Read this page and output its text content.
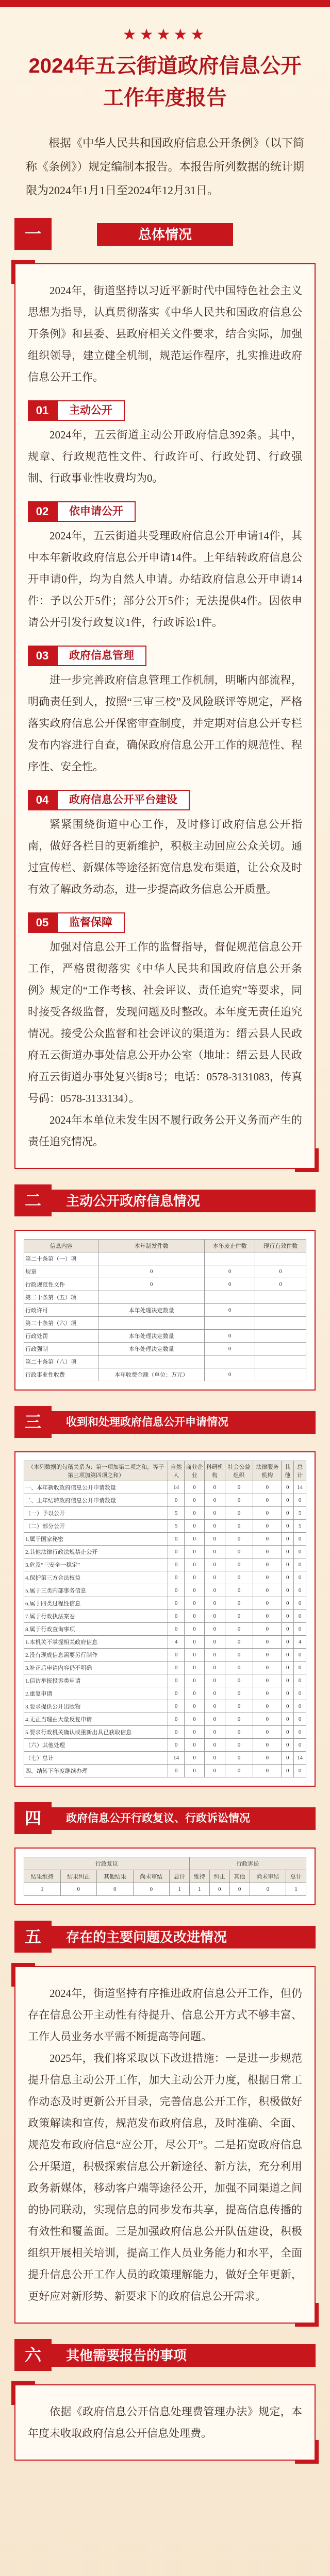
★★★★★
2024年五云街道政府信息公开工作年度报告

根据《中华人民共和国政府信息公开条例》（以下简称《条例》）规定编制本报告。本报告所列数据的统计期限为2024年1月1日至2024年12月31日。

一	总体情况

2024年，街道坚持以习近平新时代中国特色社会主义思想为指导，认真贯彻落实《中华人民共和国政府信息公开条例》和县委、县政府相关文件要求，结合实际，加强组织领导，建立健全机制，规范运作程序，扎实推进政府信息公开工作。

01	主动公开

2024年，五云街道主动公开政府信息392条。其中，规章、行政规范性文件、行政许可、行政处罚、行政强制、行政事业性收费均为0。

02	依申请公开

2024年，五云街道共受理政府信息公开申请14件，其中本年新收政府信息公开申请14件。上年结转政府信息公开申请0件，均为自然人申请。办结政府信息公开申请14件：予以公开5件；部分公开5件；无法提供4件。因依申请公开引发行政复议1件，行政诉讼1件。

03	政府信息管理

进一步完善政府信息管理工作机制，明晰内部流程，明确责任到人，按照“三审三校”及风险联评等规定，严格落实政府信息公开保密审查制度，并定期对信息公开专栏发布内容进行自查，确保政府信息公开工作的规范性、程序性、安全性。

04	政府信息公开平台建设

紧紧围绕街道中心工作，及时修订政府信息公开指南，做好各栏目的更新维护，积极主动回应公众关切。通过宣传栏、新媒体等途径拓宽信息发布渠道，让公众及时有效了解政务动态，进一步提高政务信息公开质量。

05	监督保障

加强对信息公开工作的监督指导，督促规范信息公开工作，严格贯彻落实《中华人民共和国政府信息公开条例》规定的“工作考核、社会评议、责任追究”等要求，同时接受各级监督，发现问题及时整改。本年度无责任追究情况。接受公众监督和社会评议的渠道为：缙云县人民政府五云街道办事处信息公开办公室（地址：缙云县人民政府五云街道办事处复兴街8号；电话：0578-3131083，传真号码：0578-3133134）。

2024年本单位未发生因不履行政务公开义务而产生的责任追究情况。

二	主动公开政府信息情况
信息内容	本年制发件数	本年废止件数	现行有效件数
第二十条第（一）项			
规章	0	0	0
行政规范性文件	0	0	0
第二十条第（五）项			
行政许可	本年处理决定数量	0	
第二十条第（六）项			
行政处罚	本年处理决定数量	0	
行政强制	本年处理决定数量	0	
第二十条第（八）项			
行政事业性收费	本年收费金额（单位：万元）	0	
三	收到和处理政府信息公开申请情况
（本列数据的勾稽关系为：第一项加第二项之和，等于第三项加第四项之和）	自然人	商业企业	科研机构	社会公益组织	法律服务机构	其他	总计
一、本年新收政府信息公开申请数量	14	0	0	0	0	0	14
二、上年结转政府信息公开申请数量	0	0	0	0	0	0	0
（一）予以公开	5	0	0	0	0	0	5
（二）部分公开	5	0	0	0	0	0	5
1.属于国家秘密	0	0	0	0	0	0	0
2.其他法律行政法规禁止公开	0	0	0	0	0	0	0
3.危及“三安全一稳定”	0	0	0	0	0	0	0
4.保护第三方合法权益	0	0	0	0	0	0	0
5.属于三类内部事务信息	0	0	0	0	0	0	0
6.属于四类过程性信息	0	0	0	0	0	0	0
7.属于行政执法案卷	0	0	0	0	0	0	0
8.属于行政查询事项	0	0	0	0	0	0	0
1.本机关不掌握相关政府信息	4	0	0	0	0	0	4
2.没有现成信息需要另行制作	0	0	0	0	0	0	0
3.补正后申请内容仍不明确	0	0	0	0	0	0	0
1.信访举报投诉类申请	0	0	0	0	0	0	0
2.重复申请	0	0	0	0	0	0	0
3.要求提供公开出版物	0	0	0	0	0	0	0
4.无正当理由大量反复申请	0	0	0	0	0	0	0
5.要求行政机关确认或重新出具已获取信息	0	0	0	0	0	0	0
（六）其他处理	0	0	0	0	0	0	0
（七）总计	14	0	0	0	0	0	14
四、结转下年度继续办理	0	0	0	0	0	0	0
四	政府信息公开行政复议、行政诉讼情况
行政复议					行政诉讼				
结果维持	结果纠正	其他结果	尚未审结	总计	维持	纠正	其他	尚未审结	总计
1	0	0	0	1	1	0	0	0	1
五	存在的主要问题及改进情况

2024年，街道坚持有序推进政府信息公开工作，但仍存在信息公开主动性有待提升、信息公开方式不够丰富、工作人员业务水平需不断提高等问题。

2025年，我们将采取以下改进措施：一是进一步规范提升信息主动公开工作，加大主动公开力度，根据日常工作动态及时更新公开目录，完善信息公开工作，积极做好政策解读和宣传，规范发布政府信息，及时准确、全面、规范发布政府信息“应公开，尽公开”。二是拓宽政府信息公开渠道，积极探索信息公开新途径、新方法，充分利用政务新媒体，移动客户端等途径公开，加强不同渠道之间的协同联动，实现信息的同步发布共享，提高信息传播的有效性和覆盖面。三是加强政府信息公开队伍建设，积极组织开展相关培训，提高工作人员业务能力和水平，全面提升信息公开工作人员的政策理解能力，做好全年更新，更好应对新形势、新要求下的政府信息公开需求。

六	其他需要报告的事项

依据《政府信息公开信息处理费管理办法》规定，本年度未收取政府信息公开信息处理费。
